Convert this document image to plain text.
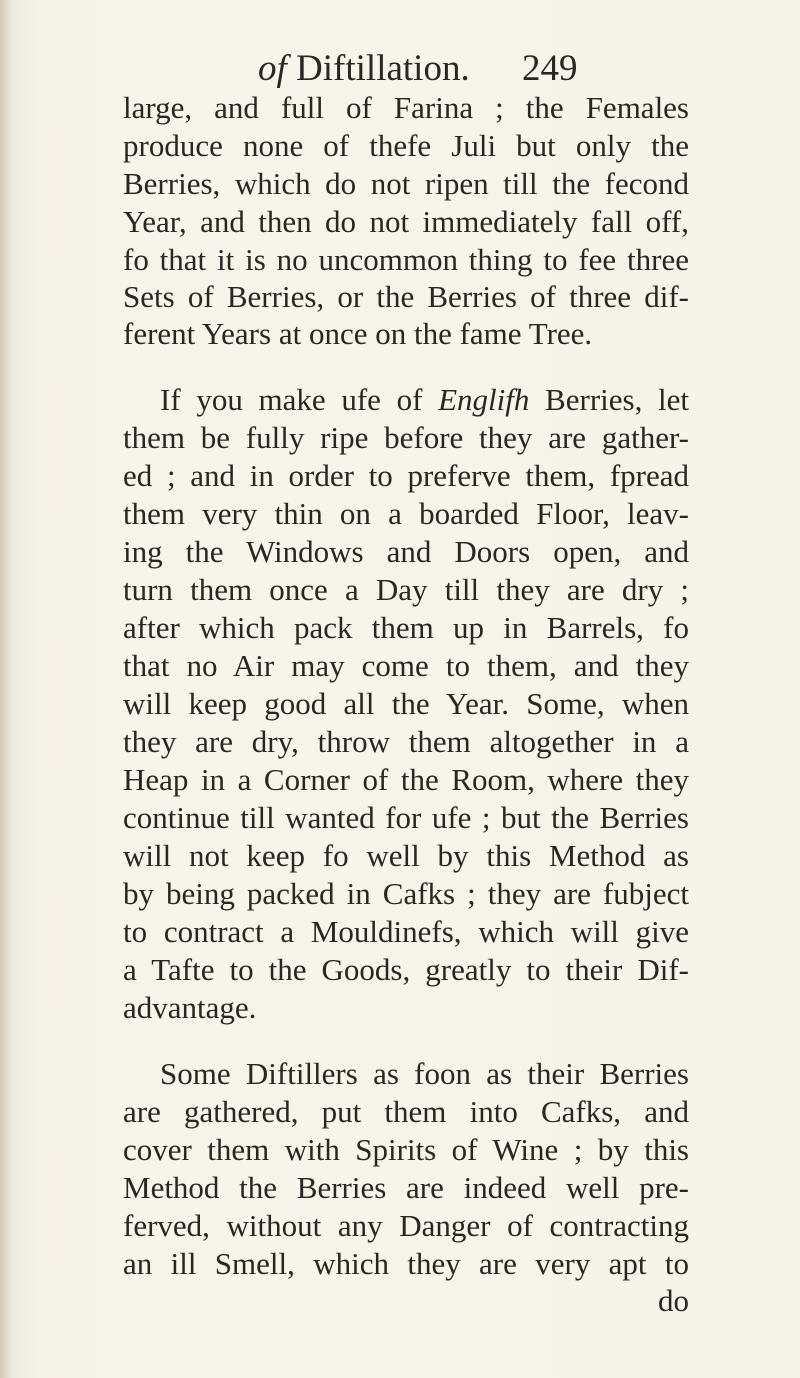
of Diftillation. 249
large, and full of Farina ; the Females
produce none of thefe Juli but only the
Berries, which do not ripen till the fecond
Year, and then do not immediately fall off,
fo that it is no uncommon thing to fee three
Sets of Berries, or the Berries of three dif-
ferent Years at once on the fame Tree.
If you make ufe of Englifh Berries, let
them be fully ripe before they are gather-
ed ; and in order to preferve them, fpread
them very thin on a boarded Floor, leav-
ing the Windows and Doors open, and
turn them once a Day till they are dry ;
after which pack them up in Barrels, fo
that no Air may come to them, and they
will keep good all the Year. Some, when
they are dry, throw them altogether in a
Heap in a Corner of the Room, where they
continue till wanted for ufe ; but the Berries
will not keep fo well by this Method as
by being packed in Cafks ; they are fubject
to contract a Mouldinefs, which will give
a Tafte to the Goods, greatly to their Dif-
advantage.
Some Diftillers as foon as their Berries
are gathered, put them into Cafks, and
cover them with Spirits of Wine ; by this
Method the Berries are indeed well pre-
ferved, without any Danger of contracting
an ill Smell, which they are very apt to
do
